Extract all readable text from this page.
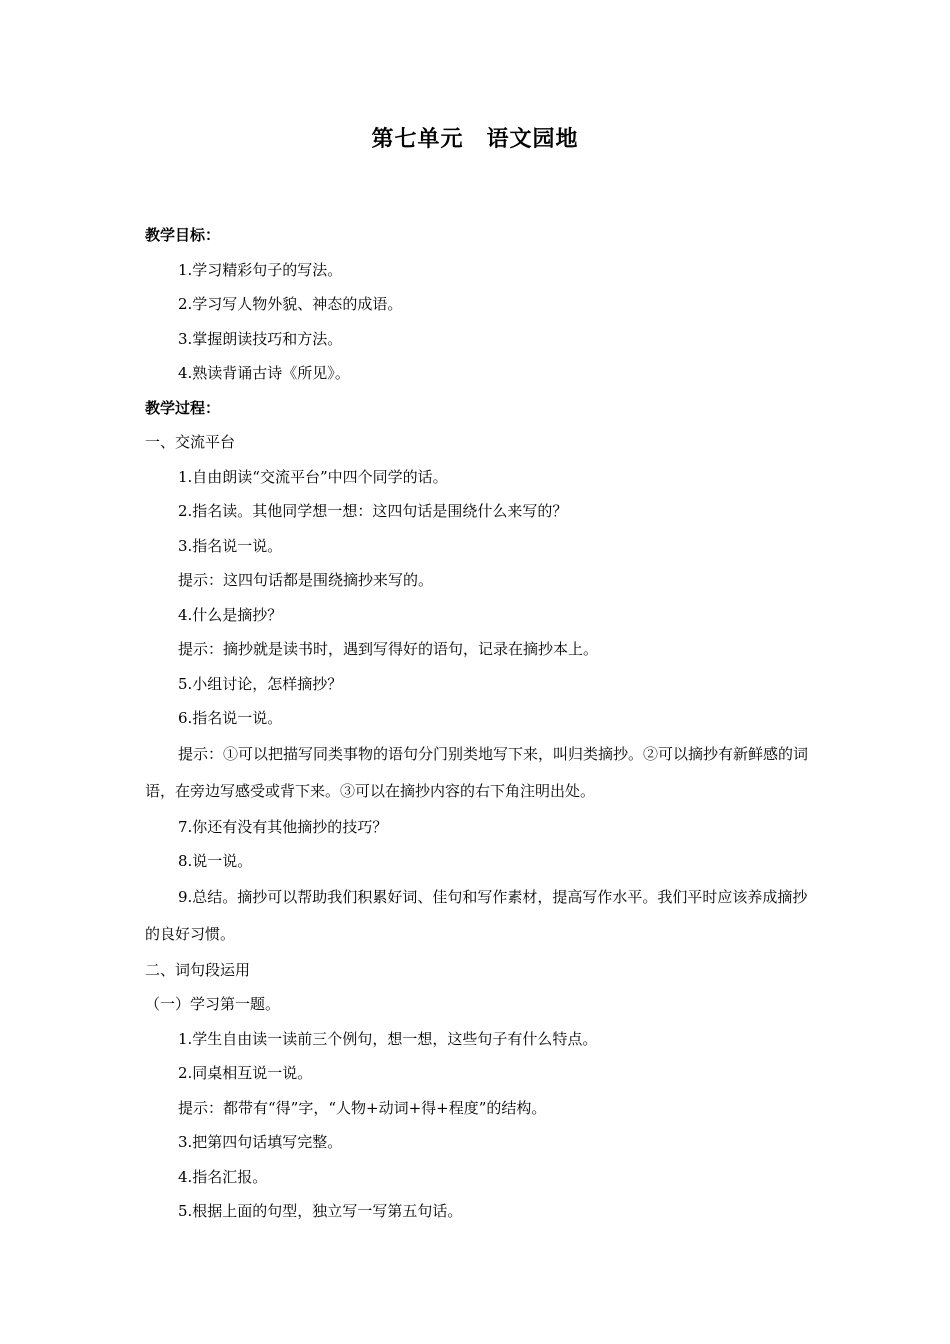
第七单元　语文园地
教学目标：
1.学习精彩句子的写法。
2.学习写人物外貌、神态的成语。
3.掌握朗读技巧和方法。
4.熟读背诵古诗《所见》。
教学过程：
一、交流平台
1.自由朗读“交流平台”中四个同学的话。
2.指名读。其他同学想一想：这四句话是围绕什么来写的？
3.指名说一说。
提示：这四句话都是围绕摘抄来写的。
4.什么是摘抄？
提示：摘抄就是读书时，遇到写得好的语句，记录在摘抄本上。
5.小组讨论，怎样摘抄？
6.指名说一说。

提示：①可以把描写同类事物的语句分门别类地写下来，叫归类摘抄。②可以摘抄有新鲜感的词语，在旁边写感受或背下来。③可以在摘抄内容的右下角注明出处。

7.你还有没有其他摘抄的技巧？
8.说一说。

9.总结。摘抄可以帮助我们积累好词、佳句和写作素材，提高写作水平。我们平时应该养成摘抄的良好习惯。

二、词句段运用
（一）学习第一题。
1.学生自由读一读前三个例句，想一想，这些句子有什么特点。
2.同桌相互说一说。
提示：都带有“得”字，“人物+动词+得+程度”的结构。
3.把第四句话填写完整。
4.指名汇报。
5.根据上面的句型，独立写一写第五句话。
